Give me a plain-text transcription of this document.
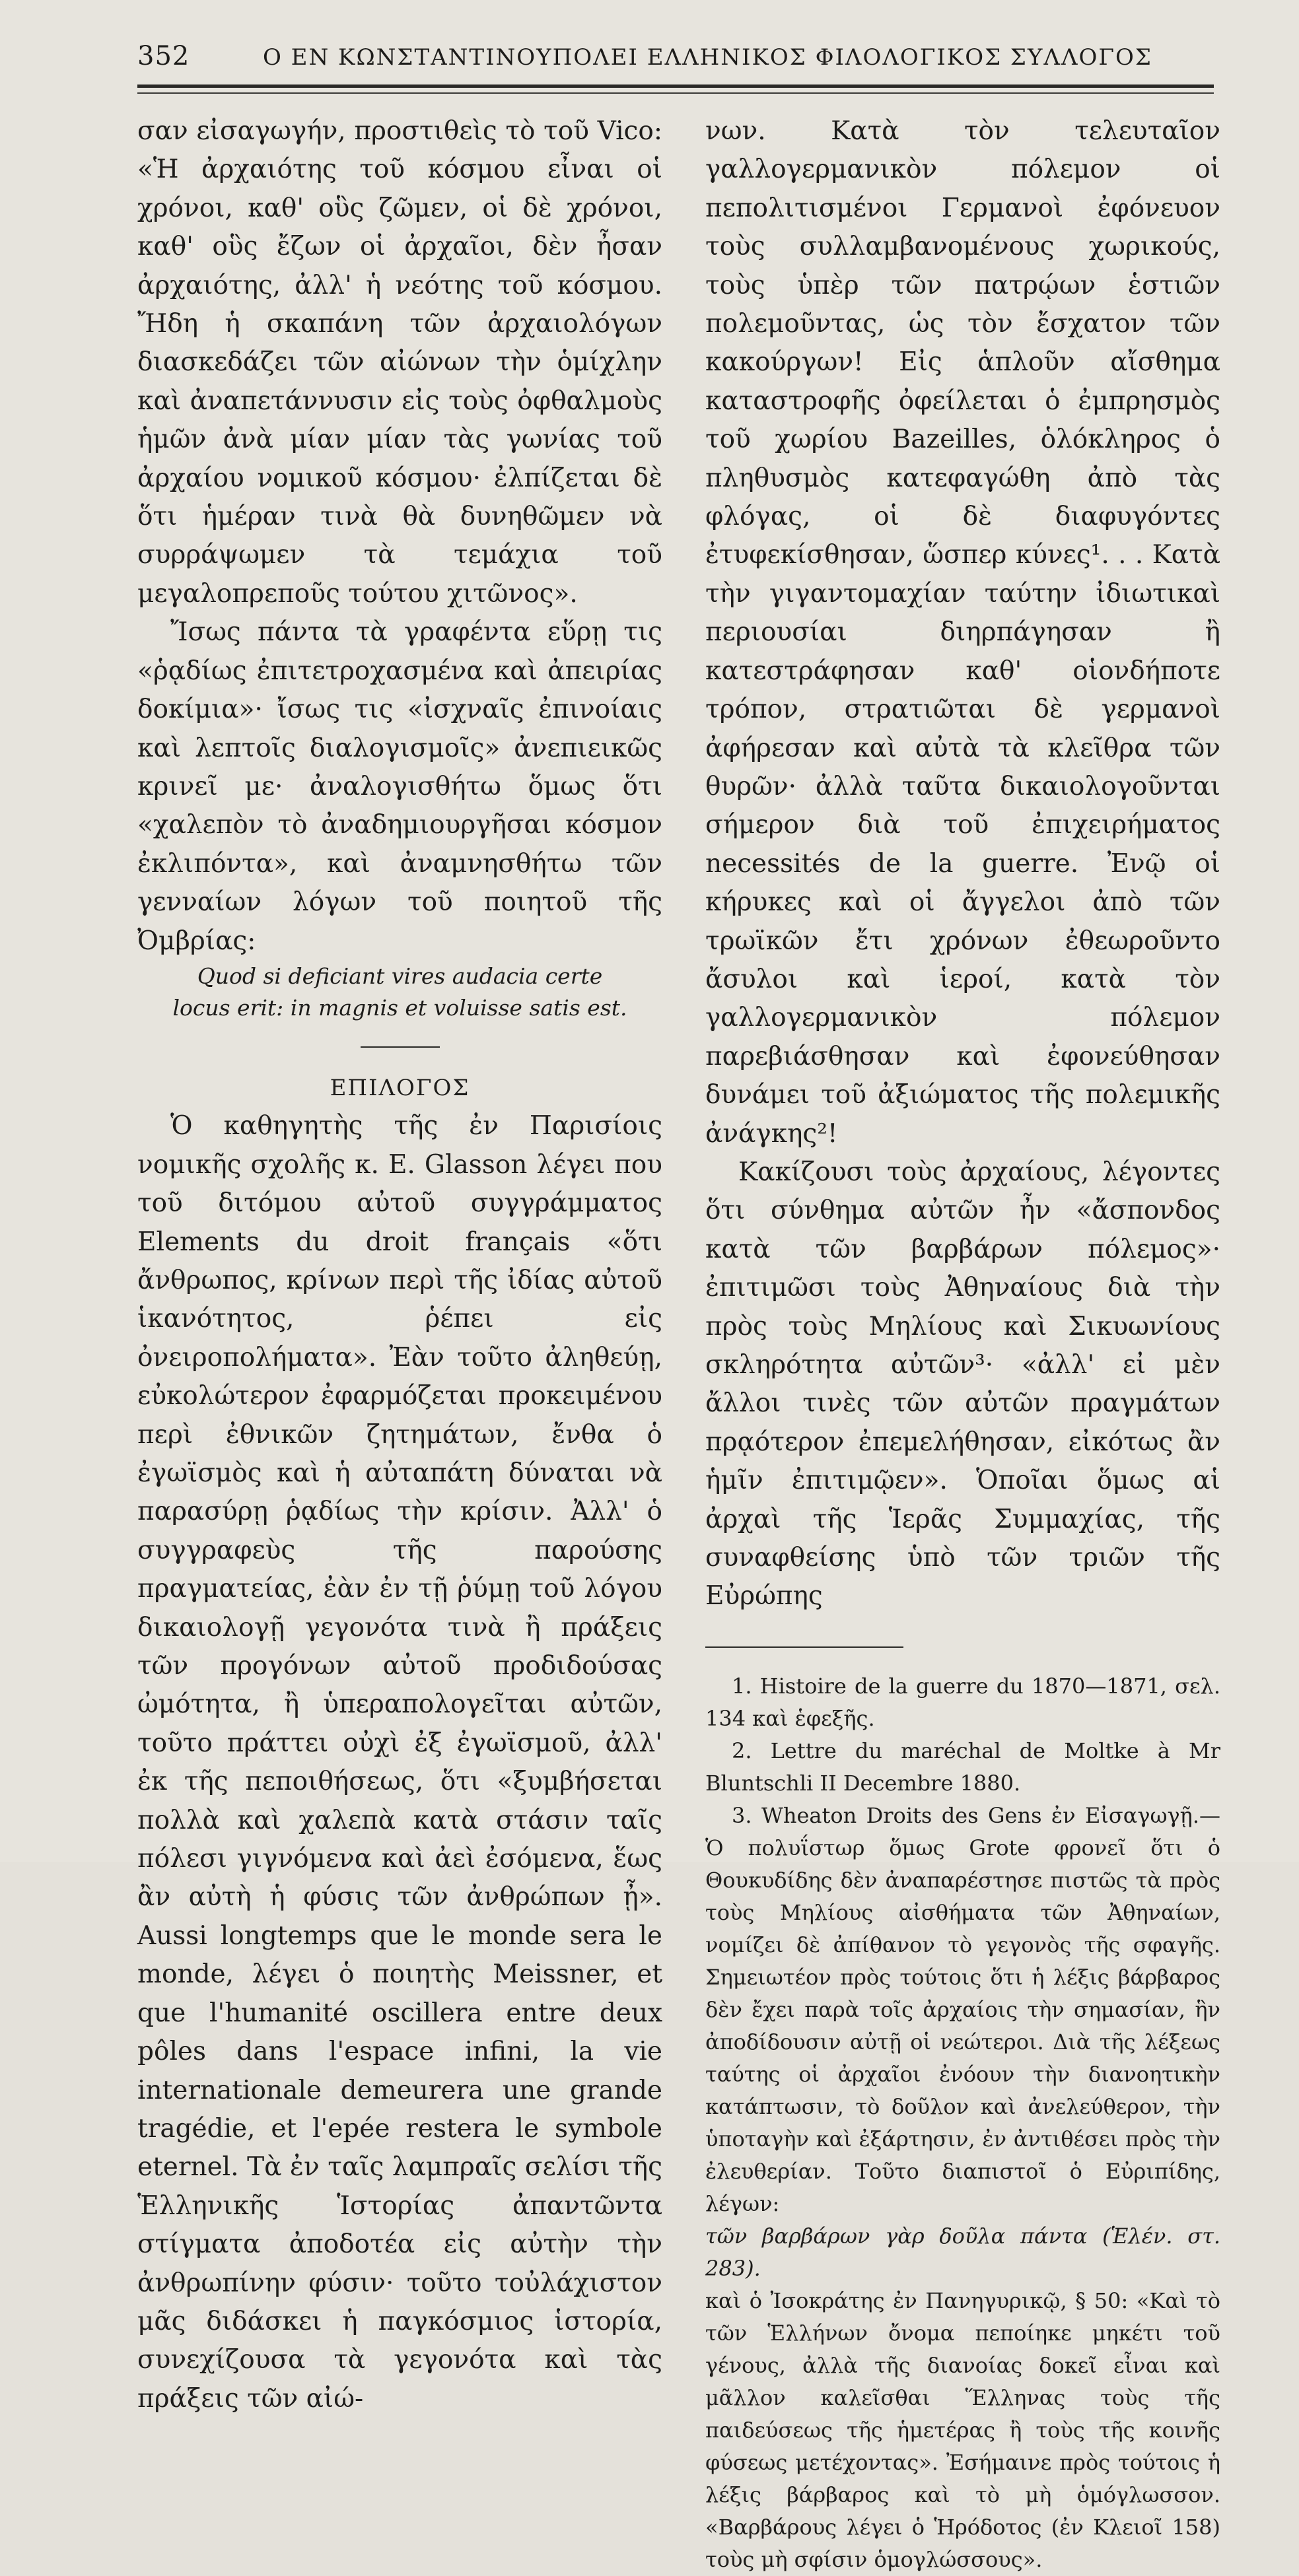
352	Ο ΕΝ ΚΩΝΣΤΑΝΤΙΝΟΥΠΟΛΕΙ ΕΛΛΗΝΙΚΟΣ ΦΙΛΟΛΟΓΙΚΟΣ ΣΥΛΛΟΓΟΣ

σαν εἰσαγωγήν, προστιθεὶς τὸ τοῦ Vico: «Ἡ ἀρχαιότης τοῦ κόσμου εἶναι οἱ χρόνοι, καθ' οὓς ζῶμεν, οἱ δὲ χρόνοι, καθ' οὓς ἔζων οἱ ἀρχαῖοι, δὲν ἦσαν ἀρχαιότης, ἀλλ' ἡ νεότης τοῦ κόσμου. Ἤδη ἡ σκαπάνη τῶν ἀρχαιολόγων διασκεδάζει τῶν αἰώνων τὴν ὁμίχλην καὶ ἀναπετάννυσιν εἰς τοὺς ὀφθαλμοὺς ἡμῶν ἀνὰ μίαν μίαν τὰς γωνίας τοῦ ἀρχαίου νομικοῦ κόσμου· ἐλπίζεται δὲ ὅτι ἡμέραν τινὰ θὰ δυνηθῶμεν νὰ συρράψωμεν τὰ τεμάχια τοῦ μεγαλοπρεποῦς τούτου χιτῶνος».

Ἴσως πάντα τὰ γραφέντα εὕρῃ τις «ῥᾳδίως ἐπιτετροχασμένα καὶ ἀπειρίας δοκίμια»· ἴσως τις «ἰσχναῖς ἐπινοίαις καὶ λεπτοῖς διαλογισμοῖς» ἀνεπιεικῶς κρινεῖ με· ἀναλογισθήτω ὅμως ὅτι «χαλεπὸν τὸ ἀναδημιουργῆσαι κόσμον ἐκλιπόντα», καὶ ἀναμνησθήτω τῶν γενναίων λόγων τοῦ ποιητοῦ τῆς Ὀμβρίας:

Quod si deficiant vires audacia certe
locus erit: in magnis et voluisse satis est.

ΕΠΙΛΟΓΟΣ

Ὁ καθηγητὴς τῆς ἐν Παρισίοις νομικῆς σχολῆς κ. E. Glasson λέγει που τοῦ διτόμου αὐτοῦ συγγράμματος Elements du droit français «ὅτι ἄνθρωπος, κρίνων περὶ τῆς ἰδίας αὐτοῦ ἱκανότητος, ῥέπει εἰς ὀνειροπολήματα». Ἐὰν τοῦτο ἀληθεύῃ, εὐκολώτερον ἐφαρμόζεται προκειμένου περὶ ἐθνικῶν ζητημάτων, ἔνθα ὁ ἐγωϊσμὸς καὶ ἡ αὐταπάτη δύναται νὰ παρασύρῃ ῥᾳδίως τὴν κρίσιν. Ἀλλ' ὁ συγγραφεὺς τῆς παρούσης πραγματείας, ἐὰν ἐν τῇ ῥύμῃ τοῦ λόγου δικαιολογῇ γεγονότα τινὰ ἢ πράξεις τῶν προγόνων αὐτοῦ προδιδούσας ὠμότητα, ἢ ὑπεραπολογεῖται αὐτῶν, τοῦτο πράττει οὐχὶ ἐξ ἐγωϊσμοῦ, ἀλλ' ἐκ τῆς πεποιθήσεως, ὅτι «ξυμβήσεται πολλὰ καὶ χαλεπὰ κατὰ στάσιν ταῖς πόλεσι γιγνόμενα καὶ ἀεὶ ἐσόμενα, ἕως ἂν αὐτὴ ἡ φύσις τῶν ἀνθρώπων ᾖ». Aussi longtemps que le monde sera le monde, λέγει ὁ ποιητὴς Meissner, et que l'humanité oscillera entre deux pôles dans l'espace infini, la vie internationale demeurera une grande tragédie, et l'epée restera le symbole eternel. Τὰ ἐν ταῖς λαμπραῖς σελίσι τῆς Ἑλληνικῆς Ἱστορίας ἀπαντῶντα στίγματα ἀποδοτέα εἰς αὐτὴν τὴν ἀνθρωπίνην φύσιν· τοῦτο τοὐλάχιστον μᾶς διδάσκει ἡ παγκόσμιος ἱστορία, συνεχίζουσα τὰ γεγονότα καὶ τὰς πράξεις τῶν αἰώ-

νων. Κατὰ τὸν τελευταῖον γαλλογερμανικὸν πόλεμον οἱ πεπολιτισμένοι Γερμανοὶ ἐφόνευον τοὺς συλλαμβανομένους χωρικούς, τοὺς ὑπὲρ τῶν πατρῴων ἑστιῶν πολεμοῦντας, ὡς τὸν ἔσχατον τῶν κακούργων! Εἰς ἁπλοῦν αἴσθημα καταστροφῆς ὀφείλεται ὁ ἐμπρησμὸς τοῦ χωρίου Bazeilles, ὁλόκληρος ὁ πληθυσμὸς κατεφαγώθη ἀπὸ τὰς φλόγας, οἱ δὲ διαφυγόντες ἐτυφεκίσθησαν, ὥσπερ κύνες¹. . . Κατὰ τὴν γιγαντομαχίαν ταύτην ἰδιωτικαὶ περιουσίαι διηρπάγησαν ἢ κατεστράφησαν καθ' οἱονδήποτε τρόπον, στρατιῶται δὲ γερμανοὶ ἀφήρεσαν καὶ αὐτὰ τὰ κλεῖθρα τῶν θυρῶν· ἀλλὰ ταῦτα δικαιολογοῦνται σήμερον διὰ τοῦ ἐπιχειρήματος necessités de la guerre. Ἐνῷ οἱ κήρυκες καὶ οἱ ἄγγελοι ἀπὸ τῶν τρωϊκῶν ἔτι χρόνων ἐθεωροῦντο ἄσυλοι καὶ ἱεροί, κατὰ τὸν γαλλογερμανικὸν πόλεμον παρεβιάσθησαν καὶ ἐφονεύθησαν δυνάμει τοῦ ἀξιώματος τῆς πολεμικῆς ἀνάγκης²!

Κακίζουσι τοὺς ἀρχαίους, λέγοντες ὅτι σύνθημα αὐτῶν ἦν «ἄσπονδος κατὰ τῶν βαρβάρων πόλεμος»· ἐπιτιμῶσι τοὺς Ἀθηναίους διὰ τὴν πρὸς τοὺς Μηλίους καὶ Σικυωνίους σκληρότητα αὐτῶν³· «ἀλλ' εἰ μὲν ἄλλοι τινὲς τῶν αὐτῶν πραγμάτων πρᾳότερον ἐπεμελήθησαν, εἰκότως ἂν ἡμῖν ἐπιτιμῷεν». Ὁποῖαι ὅμως αἱ ἀρχαὶ τῆς Ἱερᾶς Συμμαχίας, τῆς συναφθείσης ὑπὸ τῶν τριῶν τῆς Εὐρώπης

1. Histoire de la guerre du 1870—1871, σελ. 134 καὶ ἑφεξῆς.

2. Lettre du maréchal de Moltke à Mr Bluntschli II Decembre 1880.

3. Wheaton Droits des Gens ἐν Εἰσαγωγῇ.—Ὁ πολυΐστωρ ὅμως Grote φρονεῖ ὅτι ὁ Θουκυδίδης δὲν ἀναπαρέστησε πιστῶς τὰ πρὸς τοὺς Μηλίους αἰσθήματα τῶν Ἀθηναίων, νομίζει δὲ ἀπίθανον τὸ γεγονὸς τῆς σφαγῆς. Σημειωτέον πρὸς τούτοις ὅτι ἡ λέξις βάρβαρος δὲν ἔχει παρὰ τοῖς ἀρχαίοις τὴν σημασίαν, ἣν ἀποδίδουσιν αὐτῇ οἱ νεώτεροι. Διὰ τῆς λέξεως ταύτης οἱ ἀρχαῖοι ἐνόουν τὴν διανοητικὴν κατάπτωσιν, τὸ δοῦλον καὶ ἀνελεύθερον, τὴν ὑποταγὴν καὶ ἐξάρτησιν, ἐν ἀντιθέσει πρὸς τὴν ἐλευθερίαν. Τοῦτο διαπιστοῖ ὁ Εὐριπίδης, λέγων:

τῶν βαρβάρων γὰρ δοῦλα πάντα (Ἑλέν. στ. 283).

καὶ ὁ Ἰσοκράτης ἐν Πανηγυρικῷ, § 50: «Καὶ τὸ τῶν Ἑλλήνων ὄνομα πεποίηκε μηκέτι τοῦ γένους, ἀλλὰ τῆς διανοίας δοκεῖ εἶναι καὶ μᾶλλον καλεῖσθαι Ἕλληνας τοὺς τῆς παιδεύσεως τῆς ἡμετέρας ἢ τοὺς τῆς κοινῆς φύσεως μετέχοντας». Ἐσήμαινε πρὸς τούτοις ἡ λέξις βάρβαρος καὶ τὸ μὴ ὁμόγλωσσον. «Βαρβάρους λέγει ὁ Ἡρόδοτος (ἐν Κλειοῖ 158) τοὺς μὴ σφίσιν ὁμογλώσσους».
